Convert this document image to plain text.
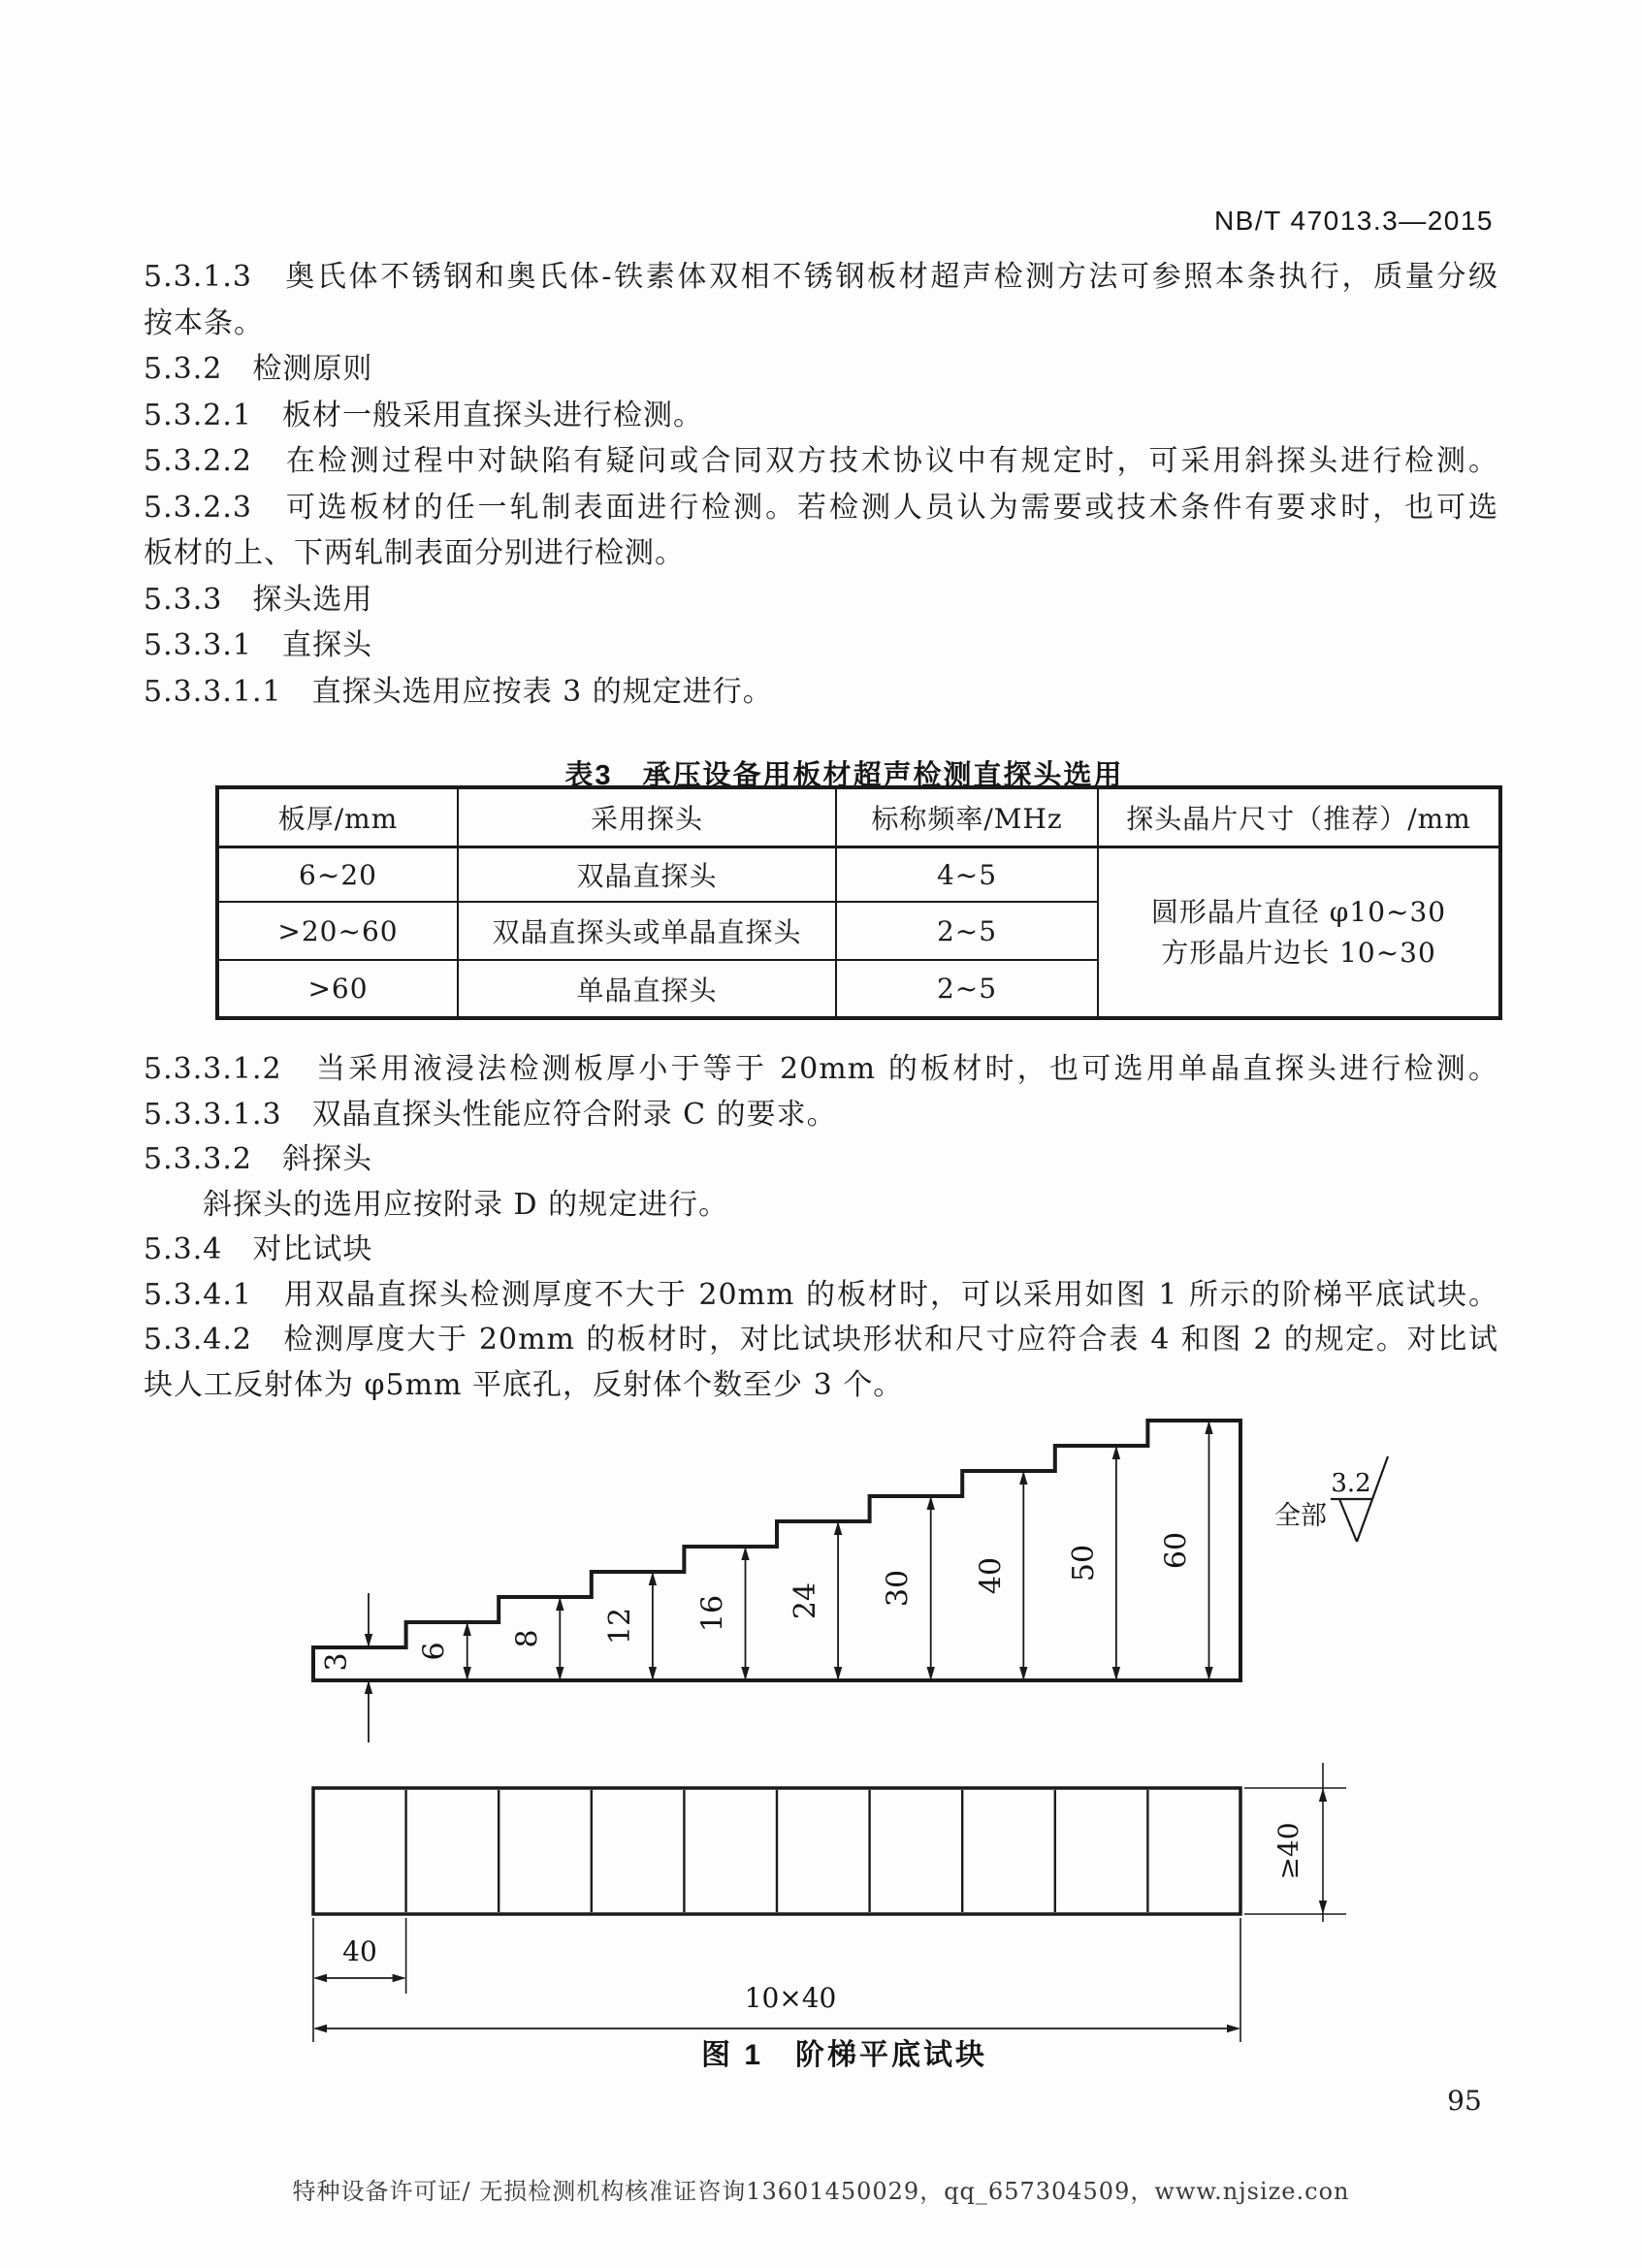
NB/T 47013.3—2015
5.3.1.3　奥氏体不锈钢和奥氏体-铁素体双相不锈钢板材超声检测方法可参照本条执行，质量分级
按本条。
5.3.2　检测原则
5.3.2.1　板材一般采用直探头进行检测。
5.3.2.2　在检测过程中对缺陷有疑问或合同双方技术协议中有规定时，可采用斜探头进行检测。
5.3.2.3　可选板材的任一轧制表面进行检测。若检测人员认为需要或技术条件有要求时，也可选
板材的上、下两轧制表面分别进行检测。
5.3.3　探头选用
5.3.3.1　直探头
5.3.3.1.1　直探头选用应按表 3 的规定进行。
表3　承压设备用板材超声检测直探头选用
板厚/mm	采用探头	标称频率/MHz	探头晶片尺寸（推荐）/mm
6~20	双晶直探头	4~5	圆形晶片直径 φ10~30
方形晶片边长 10~30

>20~60	双晶直探头或单晶直探头	2~5	
>60	单晶直探头	2~5	
5.3.3.1.2　当采用液浸法检测板厚小于等于 20mm 的板材时，也可选用单晶直探头进行检测。
5.3.3.1.3　双晶直探头性能应符合附录 C 的要求。
5.3.3.2　斜探头
斜探头的选用应按附录 D 的规定进行。
5.3.4　对比试块
5.3.4.1　用双晶直探头检测厚度不大于 20mm 的板材时，可以采用如图 1 所示的阶梯平底试块。
5.3.4.2　检测厚度大于 20mm 的板材时，对比试块形状和尺寸应符合表 4 和图 2 的规定。对比试
块人工反射体为 φ5mm 平底孔，反射体个数至少 3 个。
6
8 12 16 24 30 40 50 60
3
3.2
全部
≥40
40
10×40
图 1　阶梯平底试块
95
特种设备许可证/ 无损检测机构核准证咨询13601450029，qq_657304509，www.njsize.con
